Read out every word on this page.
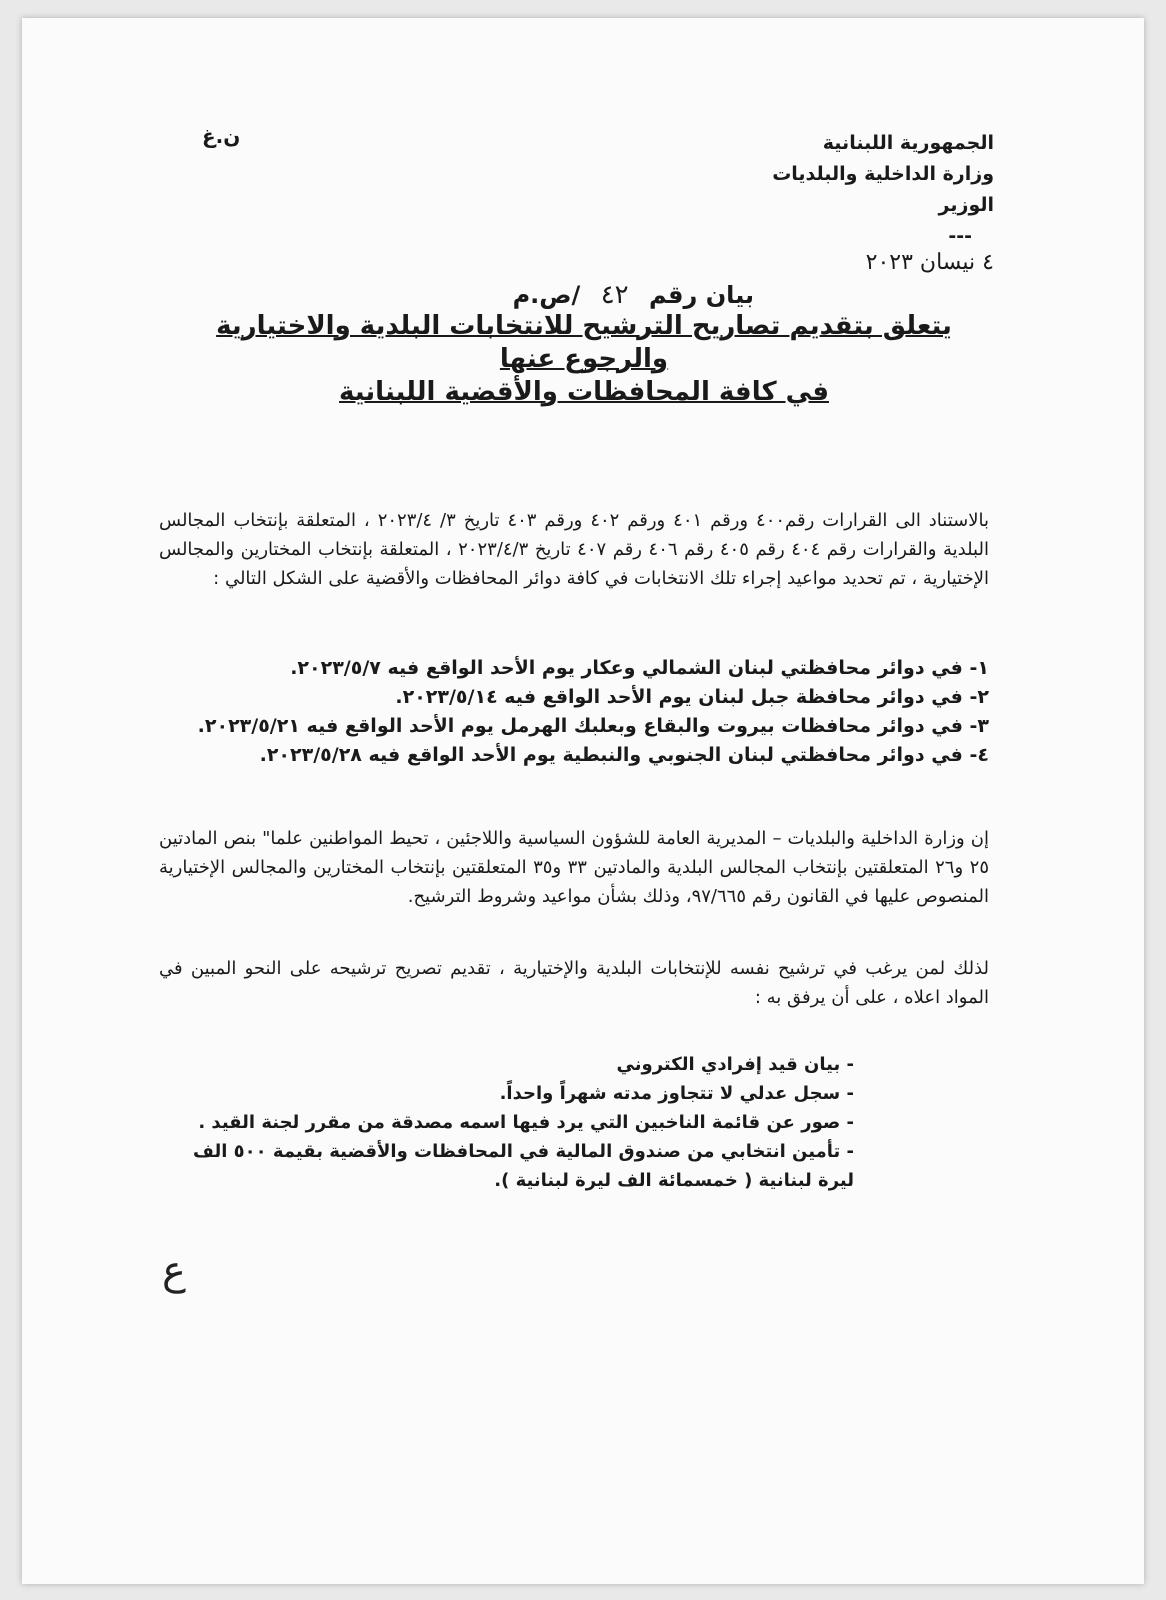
الجمهورية اللبنانية
وزارة الداخلية والبلديات
الوزير
---
ن.غ
٤ نيسان ٢٠٢٣
بيان رقم ٤٢ /ص.م
يتعلق بتقديم تصاريح الترشيح للانتخابات البلدية والاختيارية والرجوع عنها
في كافة المحافظات والأقضية اللبنانية
بالاستناد الى القرارات رقم٤٠٠ ورقم ٤٠١ ورقم ٤٠٢ ورقم ٤٠٣ تاريخ ٣/ ٢٠٢٣/٤ ، المتعلقة بإنتخاب المجالس البلدية والقرارات رقم ٤٠٤ رقم ٤٠٥ رقم ٤٠٦ رقم ٤٠٧ تاريخ ٢٠٢٣/٤/٣ ، المتعلقة بإنتخاب المختارين والمجالس الإختيارية ، تم تحديد مواعيد إجراء تلك الانتخابات في كافة دوائر المحافظات والأقضية على الشكل التالي :
١- في دوائر محافظتي لبنان الشمالي وعكار يوم الأحد الواقع فيه ٢٠٢٣/٥/٧.
٢- في دوائر محافظة جبل لبنان يوم الأحد الواقع فيه ٢٠٢٣/٥/١٤.
٣- في دوائر محافظات بيروت والبقاع وبعلبك الهرمل يوم الأحد الواقع فيه ٢٠٢٣/٥/٢١.
٤- في دوائر محافظتي لبنان الجنوبي والنبطية يوم الأحد الواقع فيه ٢٠٢٣/٥/٢٨.
إن وزارة الداخلية والبلديات – المديرية العامة للشؤون السياسية واللاجئين ، تحيط المواطنين علما" بنص المادتين ٢٥ و٢٦ المتعلقتين بإنتخاب المجالس البلدية والمادتين ٣٣ و٣٥ المتعلقتين بإنتخاب المختارين والمجالس الإختيارية المنصوص عليها في القانون رقم ٩٧/٦٦٥، وذلك بشأن مواعيد وشروط الترشيح.
لذلك لمن يرغب في ترشيح نفسه للإنتخابات البلدية والإختيارية ، تقديم تصريح ترشيحه على النحو المبين في المواد اعلاه ، على أن يرفق به :
- بيان قيد إفرادي الكتروني
- سجل عدلي لا تتجاوز مدته شهراً واحداً.
- صور عن قائمة الناخبين التي يرد فيها اسمه مصدقة من مقرر لجنة القيد .
- تأمين انتخابي من صندوق المالية في المحافظات والأقضية بقيمة ٥٠٠ الف ليرة لبنانية ( خمسمائة الف ليرة لبنانية ).
ع
